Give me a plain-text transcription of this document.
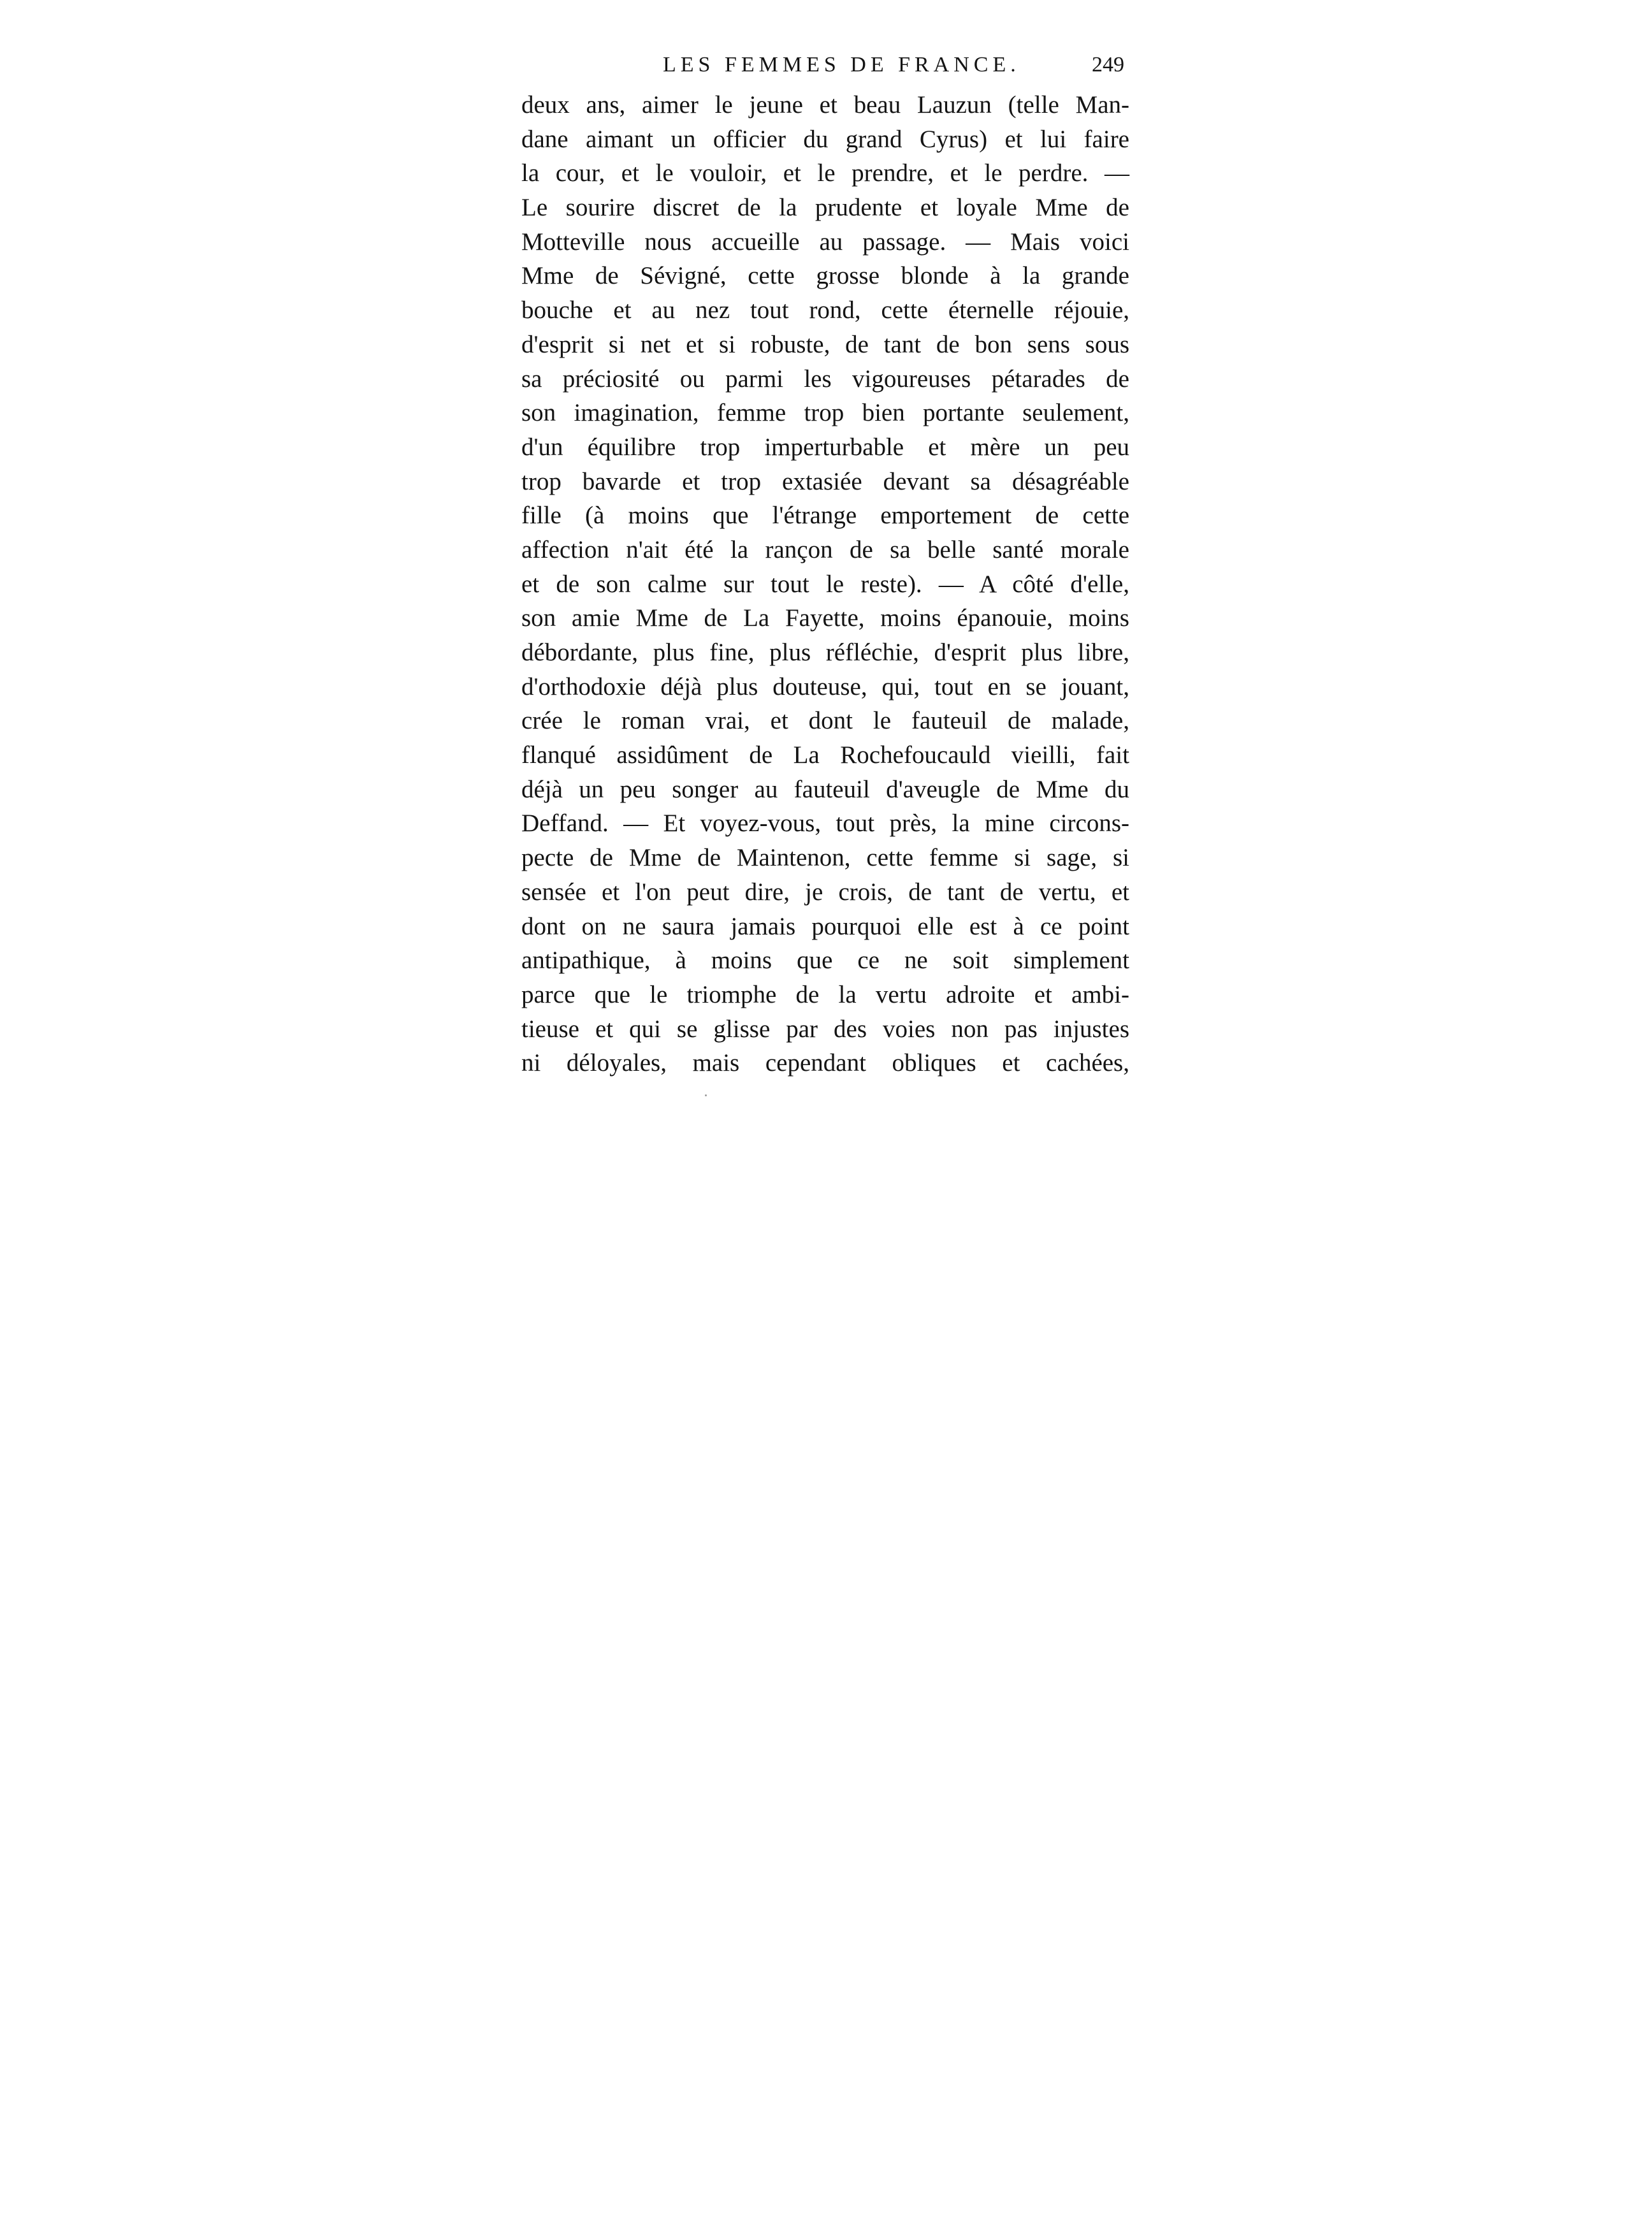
LES FEMMES DE FRANCE.	249
deux ans, aimer le jeune et beau Lauzun (telle Man-
dane aimant un officier du grand Cyrus) et lui faire
la cour, et le vouloir, et le prendre, et le perdre. —
Le sourire discret de la prudente et loyale Mme de
Motteville nous accueille au passage. — Mais voici
Mme de Sévigné, cette grosse blonde à la grande
bouche et au nez tout rond, cette éternelle réjouie,
d'esprit si net et si robuste, de tant de bon sens sous
sa préciosité ou parmi les vigoureuses pétarades de
son imagination, femme trop bien portante seulement,
d'un équilibre trop imperturbable et mère un peu
trop bavarde et trop extasiée devant sa désagréable
fille (à moins que l'étrange emportement de cette
affection n'ait été la rançon de sa belle santé morale
et de son calme sur tout le reste). — A côté d'elle,
son amie Mme de La Fayette, moins épanouie, moins
débordante, plus fine, plus réfléchie, d'esprit plus libre,
d'orthodoxie déjà plus douteuse, qui, tout en se jouant,
crée le roman vrai, et dont le fauteuil de malade,
flanqué assidûment de La Rochefoucauld vieilli, fait
déjà un peu songer au fauteuil d'aveugle de Mme du
Deffand. — Et voyez-vous, tout près, la mine circons-
pecte de Mme de Maintenon, cette femme si sage, si
sensée et l'on peut dire, je crois, de tant de vertu, et
dont on ne saura jamais pourquoi elle est à ce point
antipathique, à moins que ce ne soit simplement
parce que le triomphe de la vertu adroite et ambi-
tieuse et qui se glisse par des voies non pas injustes
ni déloyales, mais cependant obliques et cachées,
